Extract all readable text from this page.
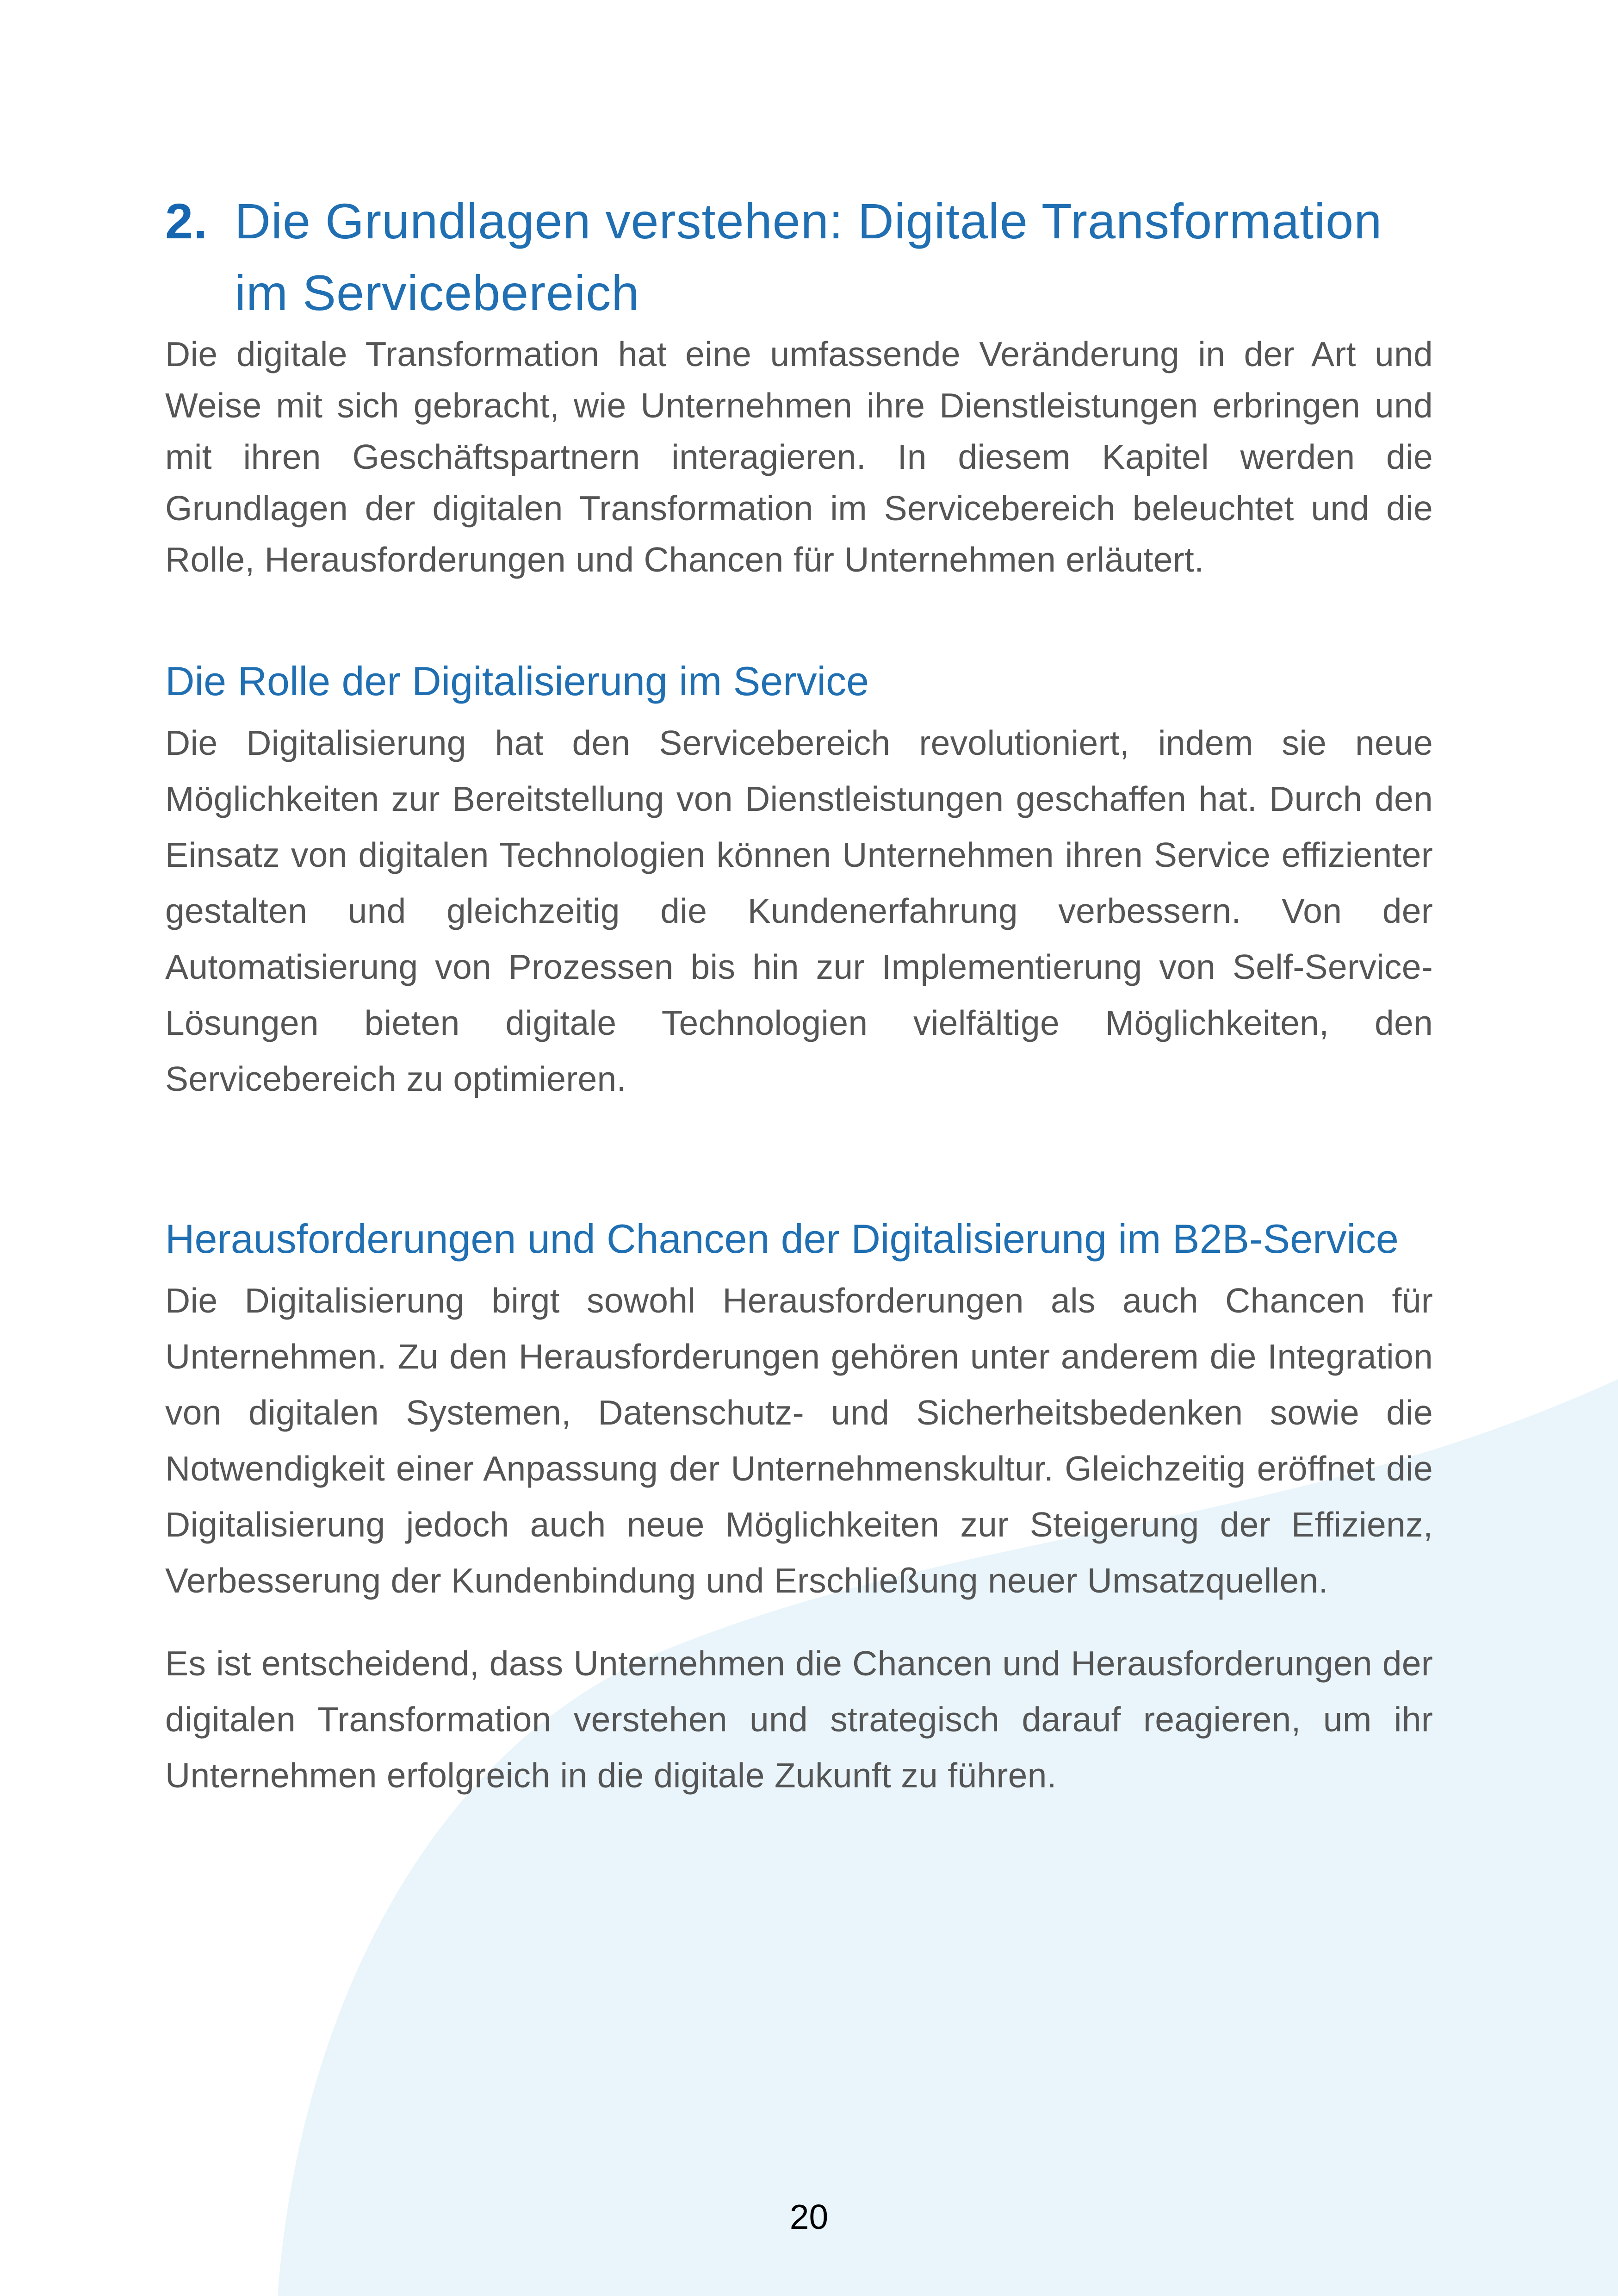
2. Die Grundlagen verstehen: Digitale Transformation im Servicebereich

Die digitale Transformation hat eine umfassende Veränderung in der Art und Weise mit sich gebracht, wie Unternehmen ihre Dienstleistungen erbringen und mit ihren Geschäftspartnern interagieren. In diesem Kapitel werden die Grundlagen der digitalen Transformation im Servicebereich beleuchtet und die Rolle, Herausforderungen und Chancen für Unternehmen erläutert.

Die Rolle der Digitalisierung im Service

Die Digitalisierung hat den Servicebereich revolutioniert, indem sie neue Möglichkeiten zur Bereitstellung von Dienstleistungen geschaffen hat. Durch den Einsatz von digitalen Technologien können Unternehmen ihren Service effizienter gestalten und gleichzeitig die Kundenerfahrung verbessern. Von der Automatisierung von Prozessen bis hin zur Implementierung von Self-Service-Lösungen bieten digitale Technologien vielfältige Möglichkeiten, den Servicebereich zu optimieren.

Herausforderungen und Chancen der Digitalisierung im B2B-Service

Die Digitalisierung birgt sowohl Herausforderungen als auch Chancen für Unternehmen. Zu den Herausforderungen gehören unter anderem die Integration von digitalen Systemen, Datenschutz- und Sicherheitsbedenken sowie die Notwendigkeit einer Anpassung der Unternehmenskultur. Gleichzeitig eröffnet die Digitalisierung jedoch auch neue Möglichkeiten zur Steigerung der Effizienz, Verbesserung der Kundenbindung und Erschließung neuer Umsatzquellen.

Es ist entscheidend, dass Unternehmen die Chancen und Herausforderungen der digitalen Transformation verstehen und strategisch darauf reagieren, um ihr Unternehmen erfolgreich in die digitale Zukunft zu führen.

20
